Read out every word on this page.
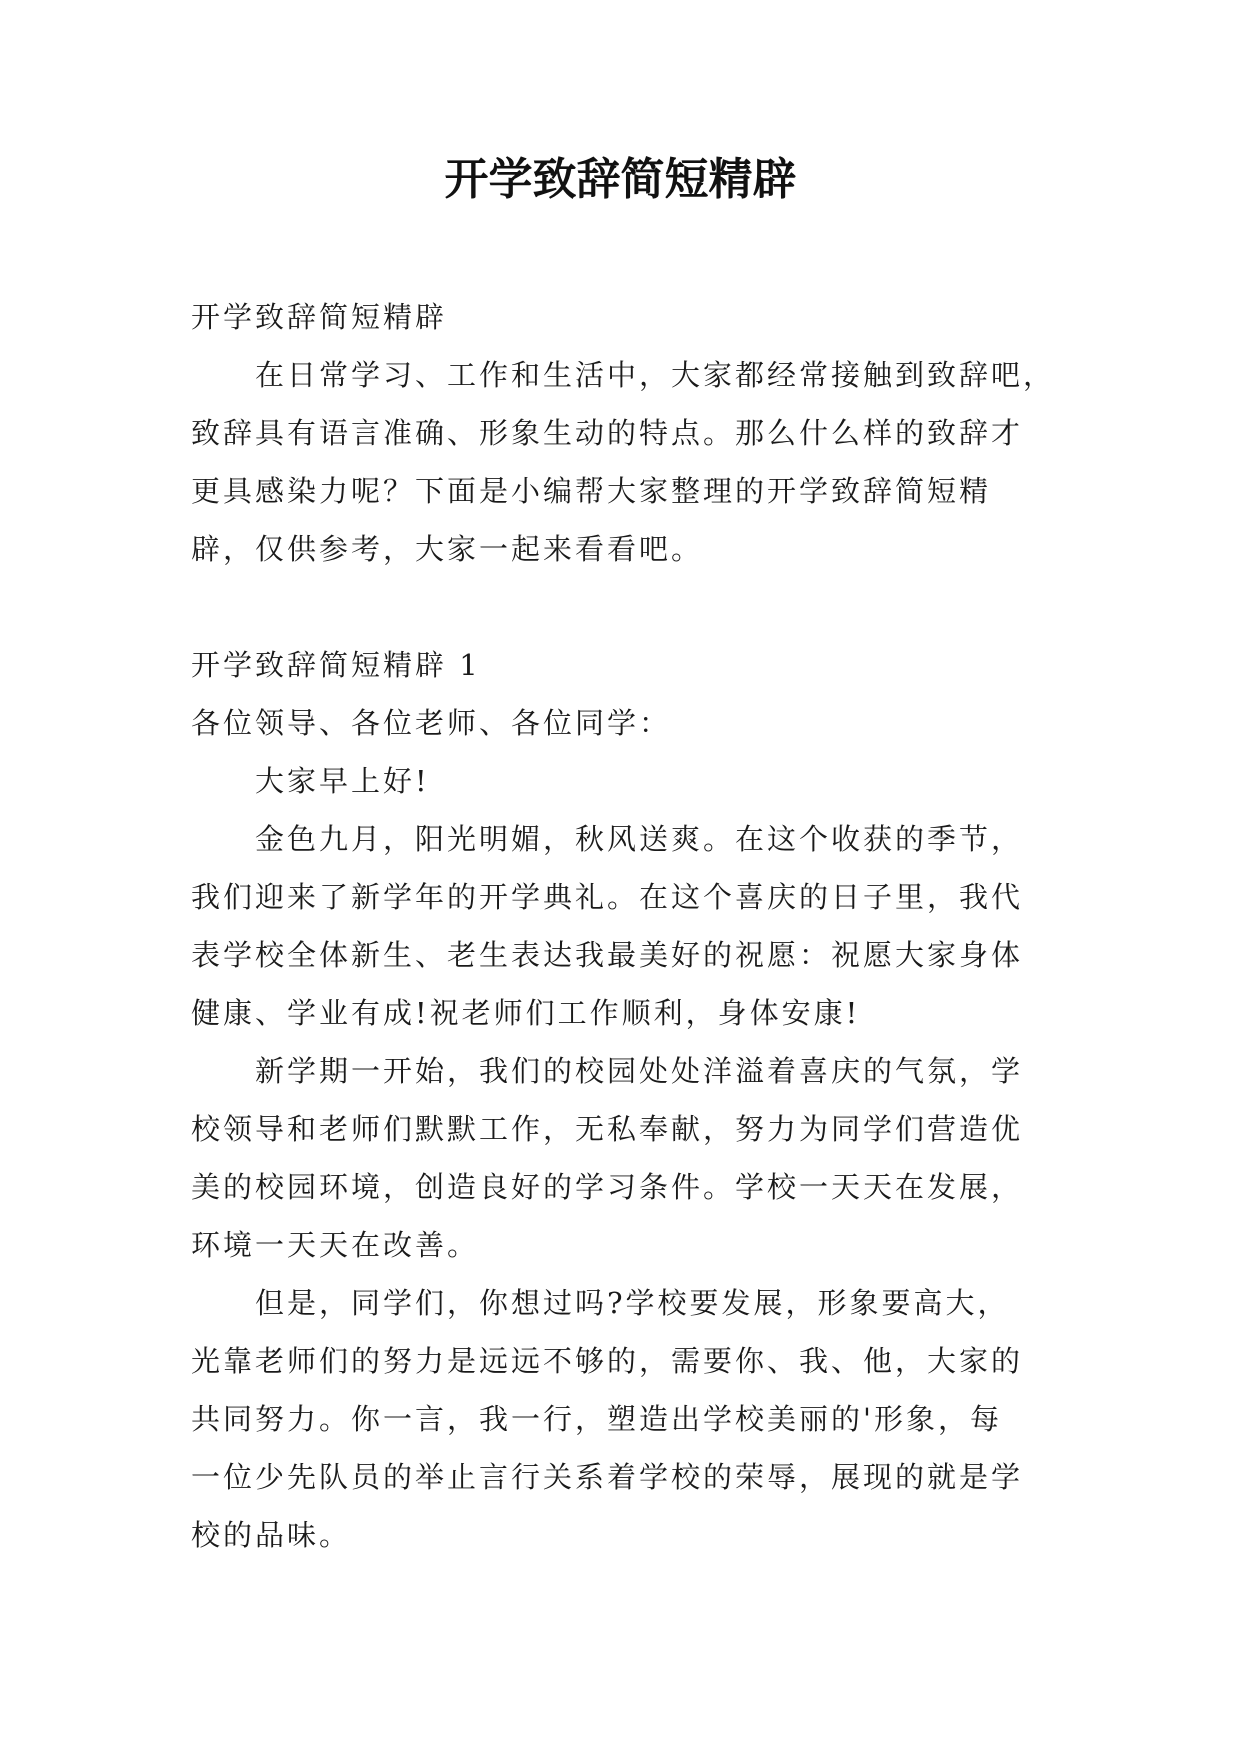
开学致辞简短精辟

开学致辞简短精辟

在日常学习、工作和生活中，大家都经常接触到致辞吧，

致辞具有语言准确、形象生动的特点。那么什么样的致辞才

更具感染力呢？下面是小编帮大家整理的开学致辞简短精

辟，仅供参考，大家一起来看看吧。

开学致辞简短精辟 1

各位领导、各位老师、各位同学：

大家早上好!

金色九月，阳光明媚，秋风送爽。在这个收获的季节，

我们迎来了新学年的开学典礼。在这个喜庆的日子里，我代

表学校全体新生、老生表达我最美好的祝愿：祝愿大家身体

健康、学业有成!祝老师们工作顺利，身体安康!

新学期一开始，我们的校园处处洋溢着喜庆的气氛，学

校领导和老师们默默工作，无私奉献，努力为同学们营造优

美的校园环境，创造良好的学习条件。学校一天天在发展，

环境一天天在改善。

但是，同学们，你想过吗?学校要发展，形象要高大，

光靠老师们的努力是远远不够的，需要你、我、他，大家的

共同努力。你一言，我一行，塑造出学校美丽的'形象，每

一位少先队员的举止言行关系着学校的荣辱，展现的就是学

校的品味。
